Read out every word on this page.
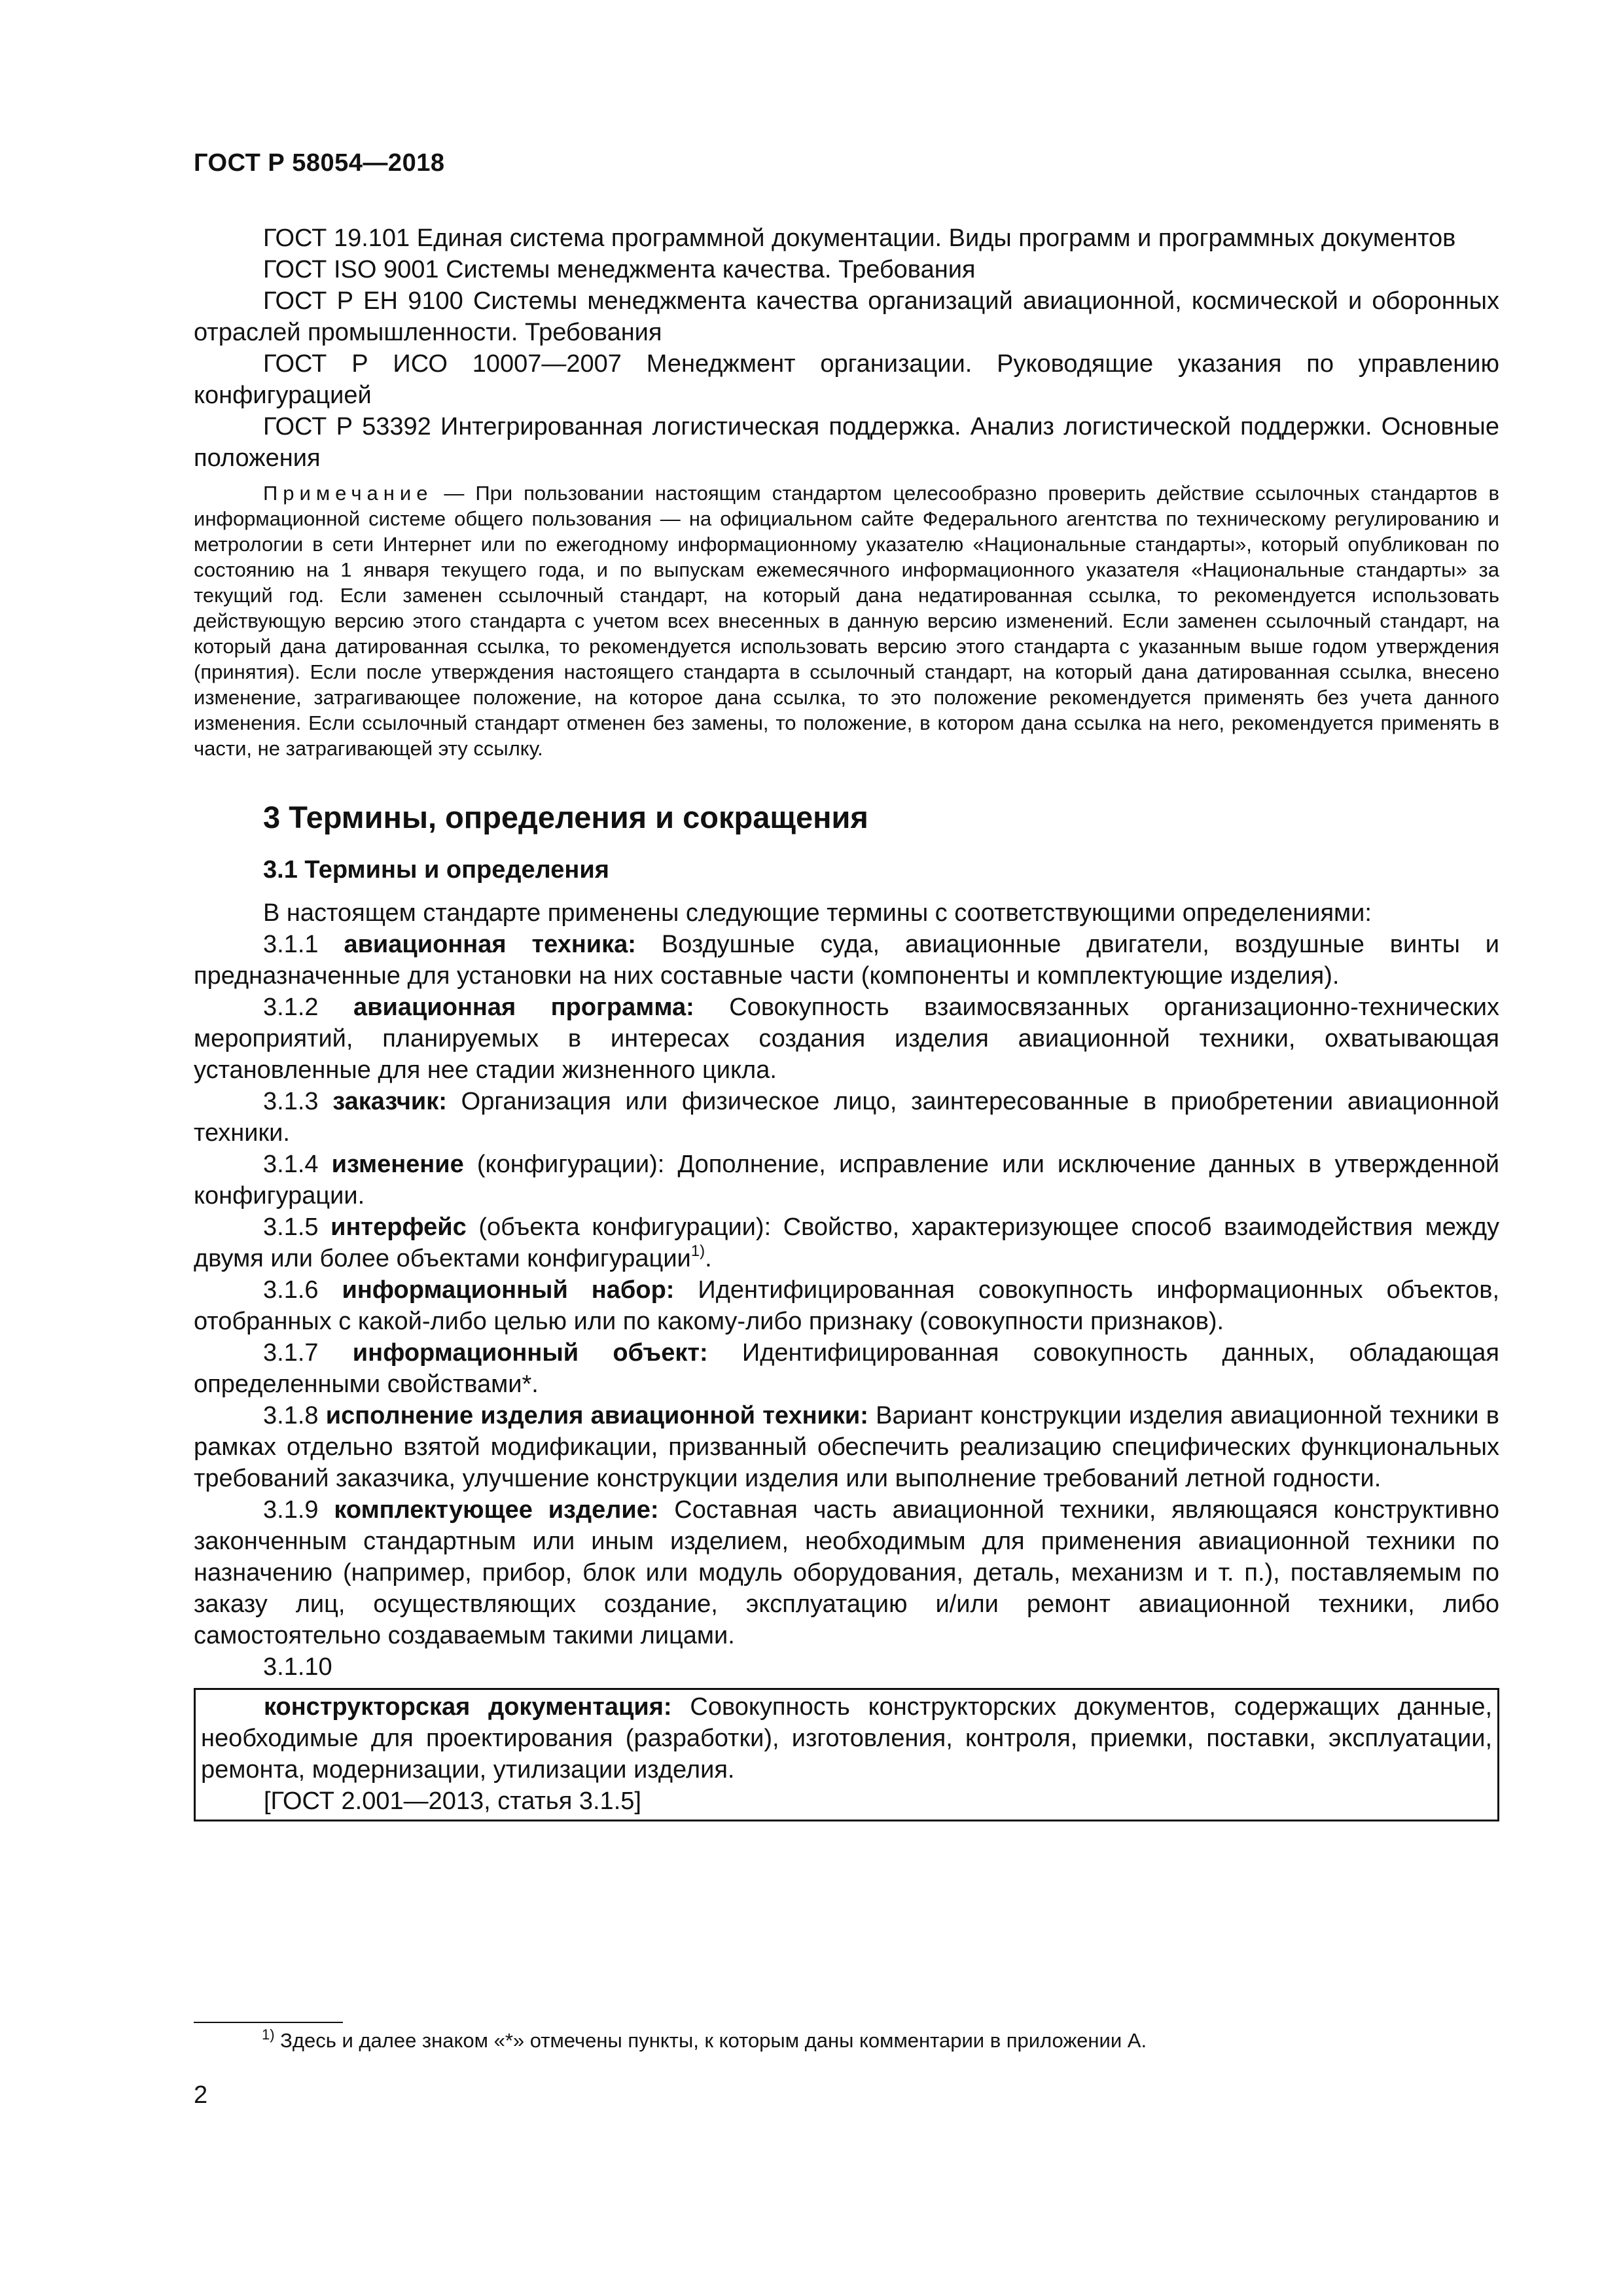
ГОСТ Р 58054—2018

ГОСТ 19.101 Единая система программной документации. Виды программ и программных документов

ГОСТ ISO 9001 Системы менеджмента качества. Требования

ГОСТ Р ЕН 9100 Системы менеджмента качества организаций авиационной, космической и оборонных отраслей промышленности. Требования

ГОСТ Р ИСО 10007—2007 Менеджмент организации. Руководящие указания по управлению конфигурацией

ГОСТ Р 53392 Интегрированная логистическая поддержка. Анализ логистической поддержки. Основные положения

Примечание — При пользовании настоящим стандартом целесообразно проверить действие ссылочных стандартов в информационной системе общего пользования — на официальном сайте Федерального агентства по техническому регулированию и метрологии в сети Интернет или по ежегодному информационному указателю «Национальные стандарты», который опубликован по состоянию на 1 января текущего года, и по выпускам ежемесячного информационного указателя «Национальные стандарты» за текущий год. Если заменен ссылочный стандарт, на который дана недатированная ссылка, то рекомендуется использовать действующую версию этого стандарта с учетом всех внесенных в данную версию изменений. Если заменен ссылочный стандарт, на который дана датированная ссылка, то рекомендуется использовать версию этого стандарта с указанным выше годом утверждения (принятия). Если после утверждения настоящего стандарта в ссылочный стандарт, на который дана датированная ссылка, внесено изменение, затрагивающее положение, на которое дана ссылка, то это положение рекомендуется применять без учета данного изменения. Если ссылочный стандарт отменен без замены, то положение, в котором дана ссылка на него, рекомендуется применять в части, не затрагивающей эту ссылку.

3 Термины, определения и сокращения
3.1 Термины и определения

В настоящем стандарте применены следующие термины с соответствующими определениями:

3.1.1 авиационная техника: Воздушные суда, авиационные двигатели, воздушные винты и предназначенные для установки на них составные части (компоненты и комплектующие изделия).

3.1.2 авиационная программа: Совокупность взаимосвязанных организационно-технических мероприятий, планируемых в интересах создания изделия авиационной техники, охватывающая установленные для нее стадии жизненного цикла.

3.1.3 заказчик: Организация или физическое лицо, заинтересованные в приобретении авиационной техники.

3.1.4 изменение (конфигурации): Дополнение, исправление или исключение данных в утвержденной конфигурации.

3.1.5 интерфейс (объекта конфигурации): Свойство, характеризующее способ взаимодействия между двумя или более объектами конфигурации$^{1)}$.

3.1.6 информационный набор: Идентифицированная совокупность информационных объектов, отобранных с какой-либо целью или по какому-либо признаку (совокупности признаков).

3.1.7 информационный объект: Идентифицированная совокупность данных, обладающая определенными свойствами*.

3.1.8 исполнение изделия авиационной техники: Вариант конструкции изделия авиационной техники в рамках отдельно взятой модификации, призванный обеспечить реализацию специфических функциональных требований заказчика, улучшение конструкции изделия или выполнение требований летной годности.

3.1.9 комплектующее изделие: Составная часть авиационной техники, являющаяся конструктивно законченным стандартным или иным изделием, необходимым для применения авиационной техники по назначению (например, прибор, блок или модуль оборудования, деталь, механизм и т. п.), поставляемым по заказу лиц, осуществляющих создание, эксплуатацию и/или ремонт авиационной техники, либо самостоятельно создаваемым такими лицами.

3.1.10

конструкторская документация: Совокупность конструкторских документов, содержащих данные, необходимые для проектирования (разработки), изготовления, контроля, приемки, поставки, эксплуатации, ремонта, модернизации, утилизации изделия.

[ГОСТ 2.001—2013, статья 3.1.5]

$^{1)}$ Здесь и далее знаком «*» отмечены пункты, к которым даны комментарии в приложении А.
2
